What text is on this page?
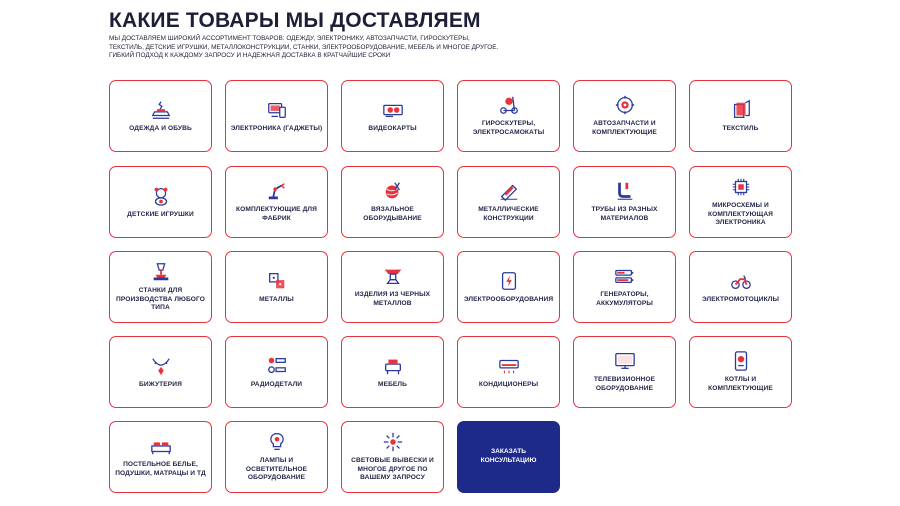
КАКИЕ ТОВАРЫ МЫ ДОСТАВЛЯЕМ
МЫ ДОСТАВЛЯЕМ ШИРОКИЙ АССОРТИМЕНТ ТОВАРОВ: ОДЕЖДУ, ЭЛЕКТРОНИКУ, АВТОЗАПЧАСТИ, ГИРОСКУТЕРЫ,
ТЕКСТИЛЬ, ДЕТСКИЕ ИГРУШКИ, МЕТАЛЛОКОНСТРУКЦИИ, СТАНКИ, ЭЛЕКТРООБОРУДОВАНИЕ, МЕБЕЛЬ И МНОГОЕ ДРУГОЕ.
ГИБКИЙ ПОДХОД К КАЖДОМУ ЗАПРОСУ И НАДЕЖНАЯ ДОСТАВКА В КРАТЧАЙШИЕ СРОКИ
ОДЕЖДА И ОБУВЬ	ЭЛЕКТРОНИКА (ГАДЖЕТЫ)	ВИДЕОКАРТЫ
ГИРОСКУТЕРЫ, ЭЛЕКТРОСАМОКАТЫ
АВТОЗАПЧАСТИ И КОМПЛЕКТУЮЩИЕ
ТЕКСТИЛЬ
ДЕТСКИЕ ИГРУШКИ
КОМПЛЕКТУЮЩИЕ ДЛЯ ФАБРИК
ВЯЗАЛЬНОЕ ОБОРУДЫВАНИЕ
МЕТАЛЛИЧЕСКИЕ КОНСТРУКЦИИ
ТРУБЫ ИЗ РАЗНЫХ МАТЕРИАЛОВ
МИКРОСХЕМЫ И КОМПЛЕКТУЮЩАЯ ЭЛЕКТРОНИКА
СТАНКИ ДЛЯ ПРОИЗВОДСТВА ЛЮБОГО ТИПА
МЕТАЛЛЫ
ИЗДЕЛИЯ ИЗ ЧЕРНЫХ МЕТАЛЛОВ
ЭЛЕКТРООБОРУДОВАНИЯ
ГЕНЕРАТОРЫ, АККУМУЛЯТОРЫ
ЭЛЕКТРОМОТОЦИКЛЫ
БИЖУТЕРИЯ	РАДИОДЕТАЛИ	МЕБЕЛЬ	КОНДИЦИОНЕРЫ
ТЕЛЕВИЗИОННОЕ ОБОРУДОВАНИЕ
КОТЛЫ И КОМПЛЕКТУЮЩИЕ
ПОСТЕЛЬНОЕ БЕЛЬЕ, ПОДУШКИ, МАТРАЦЫ И ТД
ЛАМПЫ И ОСВЕТИТЕЛЬНОЕ ОБОРУДОВАНИЕ
СВЕТОВЫЕ ВЫВЕСКИ И МНОГОЕ ДРУГОЕ ПО ВАШЕМУ ЗАПРОСУ
ЗАКАЗАТЬ КОНСУЛЬТАЦИЮ
